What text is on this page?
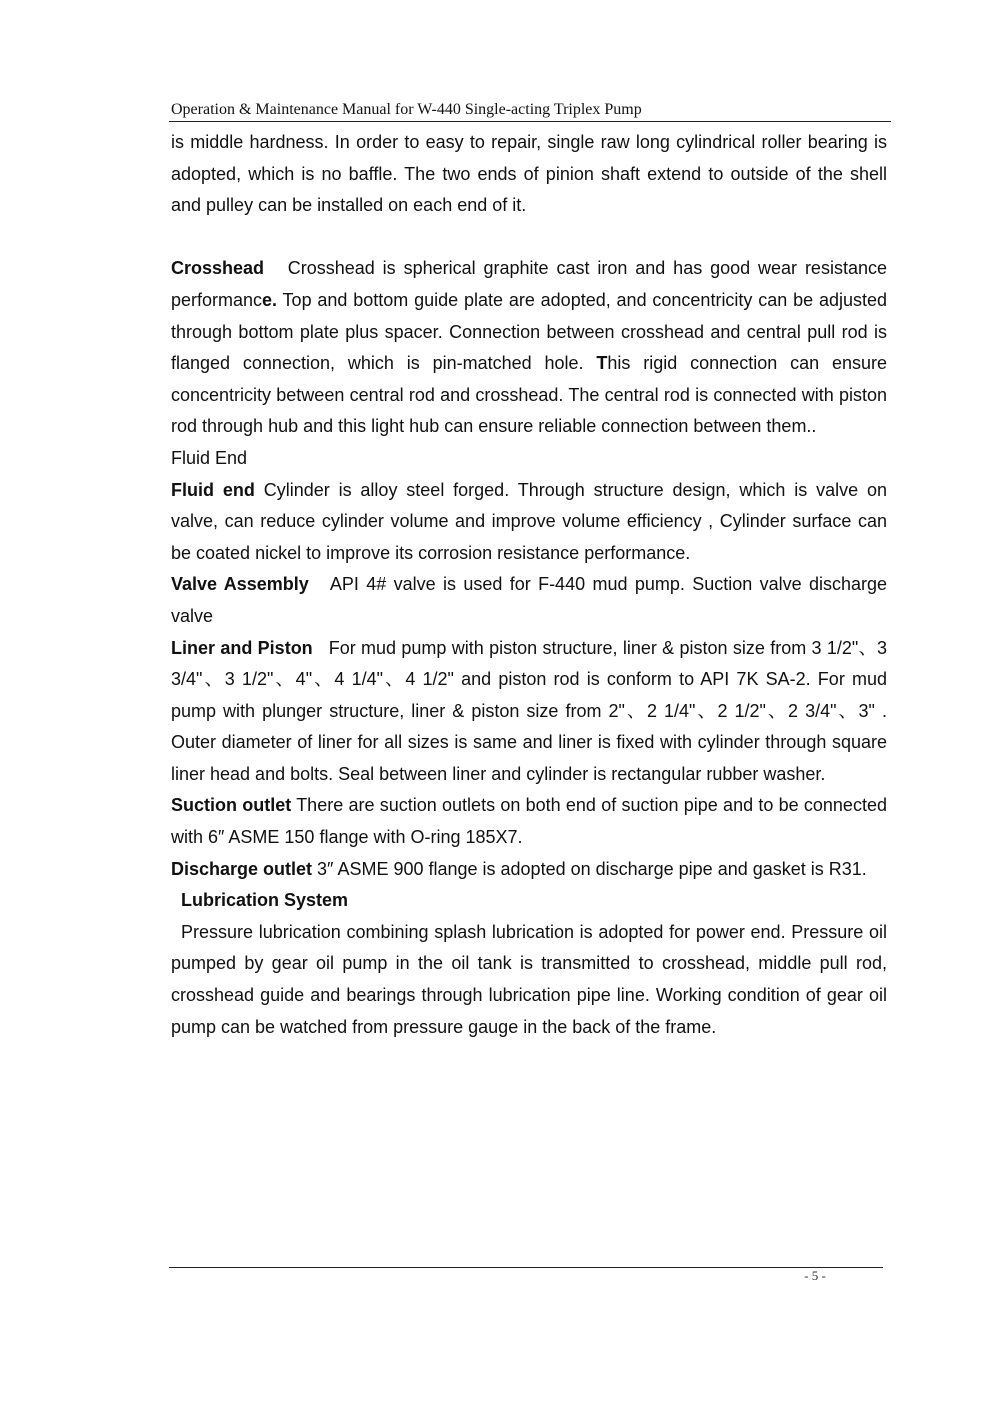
Operation & Maintenance Manual for W-440 Single-acting Triplex Pump

is middle hardness. In order to easy to repair, single raw long cylindrical roller bearing is adopted, which is no baffle. The two ends of pinion shaft extend to outside of the shell and pulley can be installed on each end of it.

Crosshead Crosshead is spherical graphite cast iron and has good wear resistance performance. Top and bottom guide plate are adopted, and concentricity can be adjusted through bottom plate plus spacer. Connection between crosshead and central pull rod is flanged connection, which is pin-matched hole. This rigid connection can ensure concentricity between central rod and crosshead. The central rod is connected with piston rod through hub and this light hub can ensure reliable connection between them..

Fluid End

Fluid end Cylinder is alloy steel forged. Through structure design, which is valve on valve, can reduce cylinder volume and improve volume efficiency , Cylinder surface can be coated nickel to improve its corrosion resistance performance.

Valve Assembly API 4# valve is used for F-440 mud pump. Suction valve discharge valve

Liner and Piston For mud pump with piston structure, liner & piston size from 3 1/2"、3 3/4"、3 1/2"、4"、4 1/4"、4 1/2" and piston rod is conform to API 7K SA-2. For mud pump with plunger structure, liner & piston size from 2"、2 1/4"、2 1/2"、2 3/4"、3" . Outer diameter of liner for all sizes is same and liner is fixed with cylinder through square liner head and bolts. Seal between liner and cylinder is rectangular rubber washer.

Suction outlet There are suction outlets on both end of suction pipe and to be connected with 6″ ASME 150 flange with O-ring 185X7.

Discharge outlet 3″ ASME 900 flange is adopted on discharge pipe and gasket is R31.

Lubrication System

Pressure lubrication combining splash lubrication is adopted for power end. Pressure oil pumped by gear oil pump in the oil tank is transmitted to crosshead, middle pull rod, crosshead guide and bearings through lubrication pipe line. Working condition of gear oil pump can be watched from pressure gauge in the back of the frame.

- 5 -
